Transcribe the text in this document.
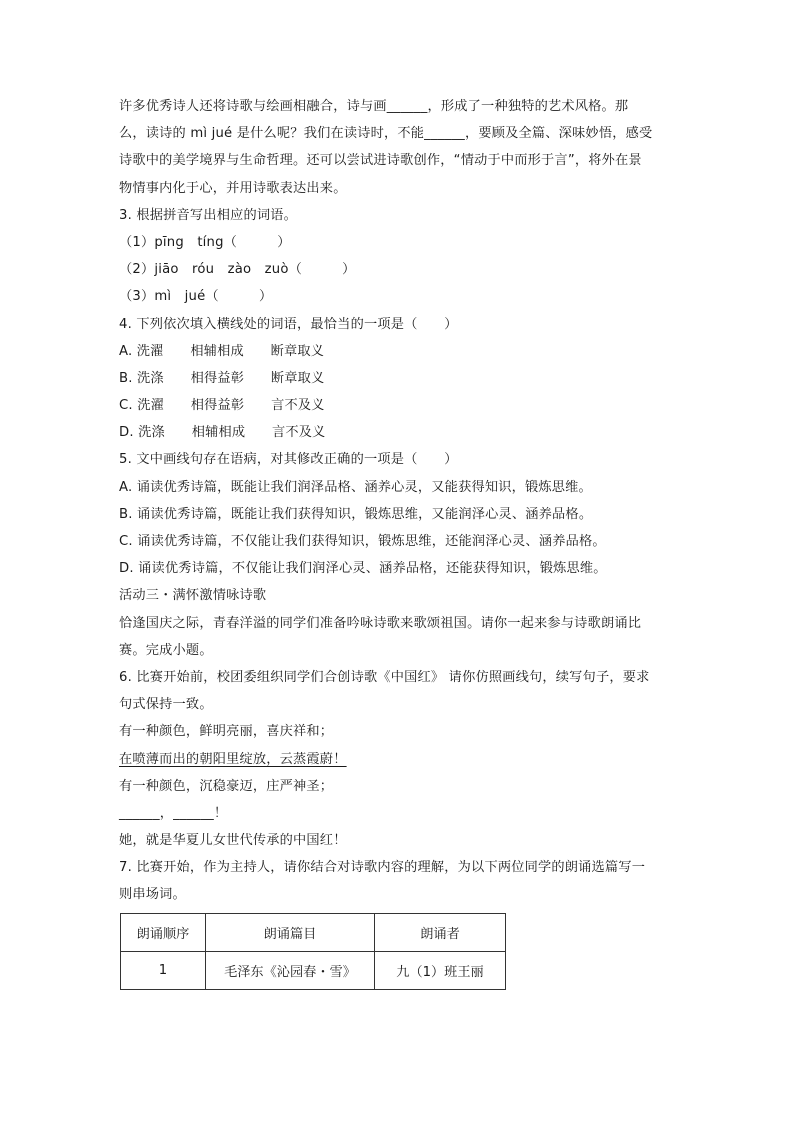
许多优秀诗人还将诗歌与绘画相融合，诗与画______，形成了一种独特的艺术风格。那
么，读诗的 mì jué 是什么呢？我们在读诗时，不能______，要顾及全篇、深味妙悟，感受
诗歌中的美学境界与生命哲理。还可以尝试进诗歌创作，“情动于中而形于言”，将外在景
物情事内化于心，并用诗歌表达出来。
3. 根据拼音写出相应的词语。
（1）pīng　tíng（　　　）
（2）jiāo　róu　zào　zuò（　　　）
（3）mì　jué（　　　）
4. 下列依次填入横线处的词语，最恰当的一项是（　　）
A. 洗濯　　相辅相成　　断章取义
B. 洗涤　　相得益彰　　断章取义
C. 洗濯　　相得益彰　　言不及义
D. 洗涤　　相辅相成　　言不及义
5. 文中画线句存在语病，对其修改正确的一项是（　　）
A. 诵读优秀诗篇，既能让我们润泽品格、涵养心灵，又能获得知识，锻炼思维。
B. 诵读优秀诗篇，既能让我们获得知识，锻炼思维，又能润泽心灵、涵养品格。
C. 诵读优秀诗篇，不仅能让我们获得知识，锻炼思维，还能润泽心灵、涵养品格。
D. 诵读优秀诗篇，不仅能让我们润泽心灵、涵养品格，还能获得知识，锻炼思维。
活动三・满怀激情咏诗歌
恰逢国庆之际，青春洋溢的同学们准备吟咏诗歌来歌颂祖国。请你一起来参与诗歌朗诵比
赛。完成小题。
6. 比赛开始前，校团委组织同学们合创诗歌《中国红》 请你仿照画线句，续写句子，要求
句式保持一致。
有一种颜色，鲜明亮丽，喜庆祥和；
在喷薄而出的朝阳里绽放，云蒸霞蔚！
有一种颜色，沉稳豪迈，庄严神圣；
______，______！
她，就是华夏儿女世代传承的中国红！
7. 比赛开始，作为主持人，请你结合对诗歌内容的理解，为以下两位同学的朗诵选篇写一
则串场词。
朗诵顺序	朗诵篇目	朗诵者
1	毛泽东《沁园春・雪》	九（1）班王丽
